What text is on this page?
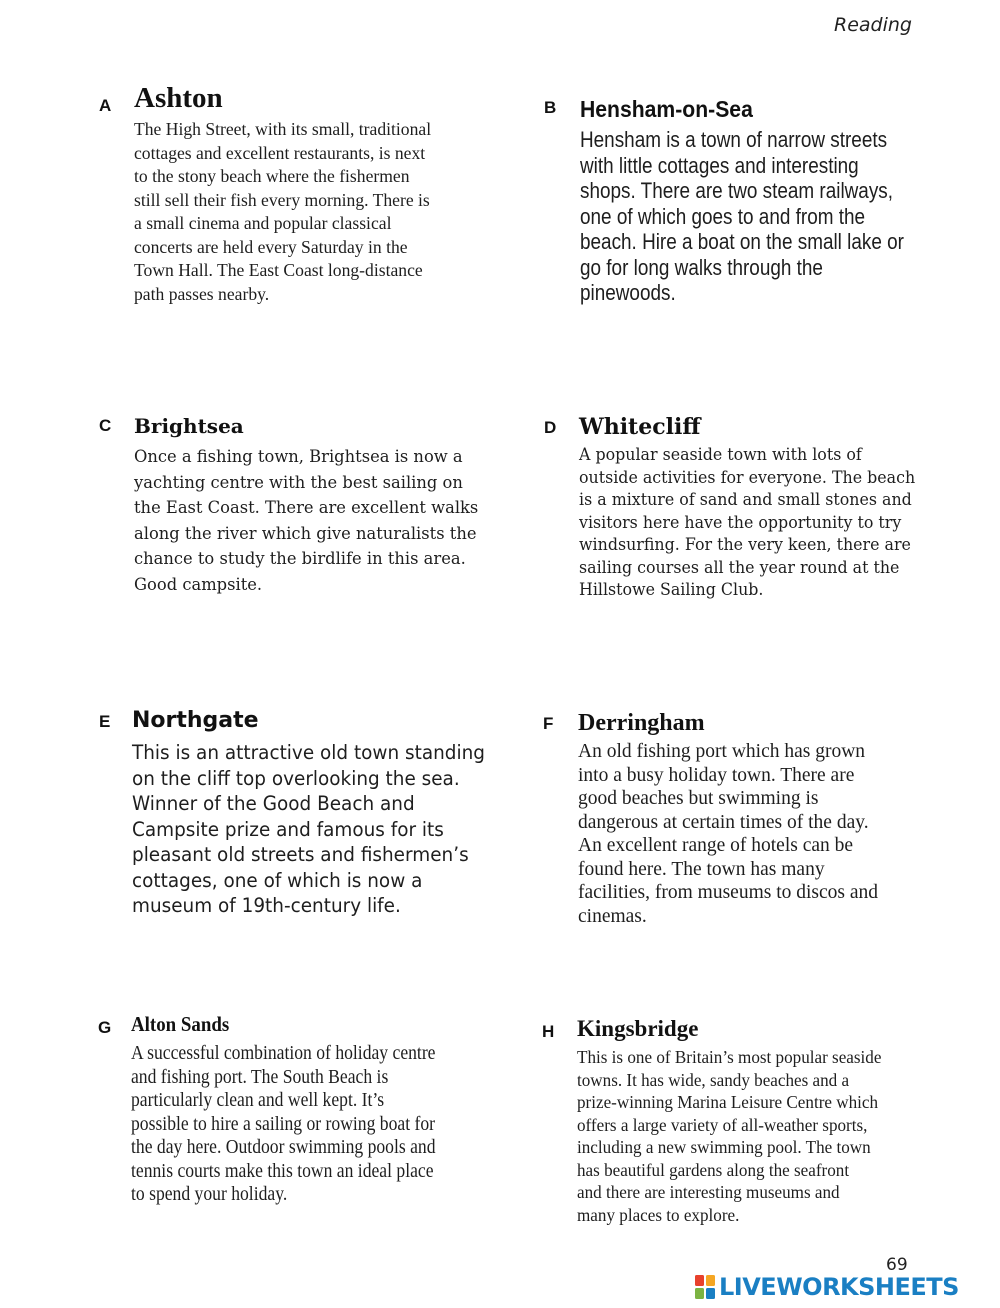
Reading
A Ashton
The High Street, with its small, traditional
cottages and excellent restaurants, is next
to the stony beach where the fishermen
still sell their fish every morning. There is
a small cinema and popular classical
concerts are held every Saturday in the
Town Hall. The East Coast long-distance
path passes nearby.
B Hensham-on-Sea
Hensham is a town of narrow streets
with little cottages and interesting
shops. There are two steam railways,
one of which goes to and from the
beach. Hire a boat on the small lake or
go for long walks through the
pinewoods.
C Brightsea
Once a fishing town, Brightsea is now a
yachting centre with the best sailing on
the East Coast. There are excellent walks
along the river which give naturalists the
chance to study the birdlife in this area.
Good campsite.
D Whitecliff
A popular seaside town with lots of
outside activities for everyone. The beach
is a mixture of sand and small stones and
visitors here have the opportunity to try
windsurfing. For the very keen, there are
sailing courses all the year round at the
Hillstowe Sailing Club.
E Northgate
This is an attractive old town standing
on the cliff top overlooking the sea.
Winner of the Good Beach and
Campsite prize and famous for its
pleasant old streets and fishermen’s
cottages, one of which is now a
museum of 19th-century life.
F Derringham
An old fishing port which has grown
into a busy holiday town. There are
good beaches but swimming is
dangerous at certain times of the day.
An excellent range of hotels can be
found here. The town has many
facilities, from museums to discos and
cinemas.
G Alton Sands
A successful combination of holiday centre
and fishing port. The South Beach is
particularly clean and well kept. It’s
possible to hire a sailing or rowing boat for
the day here. Outdoor swimming pools and
tennis courts make this town an ideal place
to spend your holiday.
H Kingsbridge
This is one of Britain’s most popular seaside
towns. It has wide, sandy beaches and a
prize-winning Marina Leisure Centre which
offers a large variety of all-weather sports,
including a new swimming pool. The town
has beautiful gardens along the seafront
and there are interesting museums and
many places to explore.
69
LIVEWORKSHEETS
